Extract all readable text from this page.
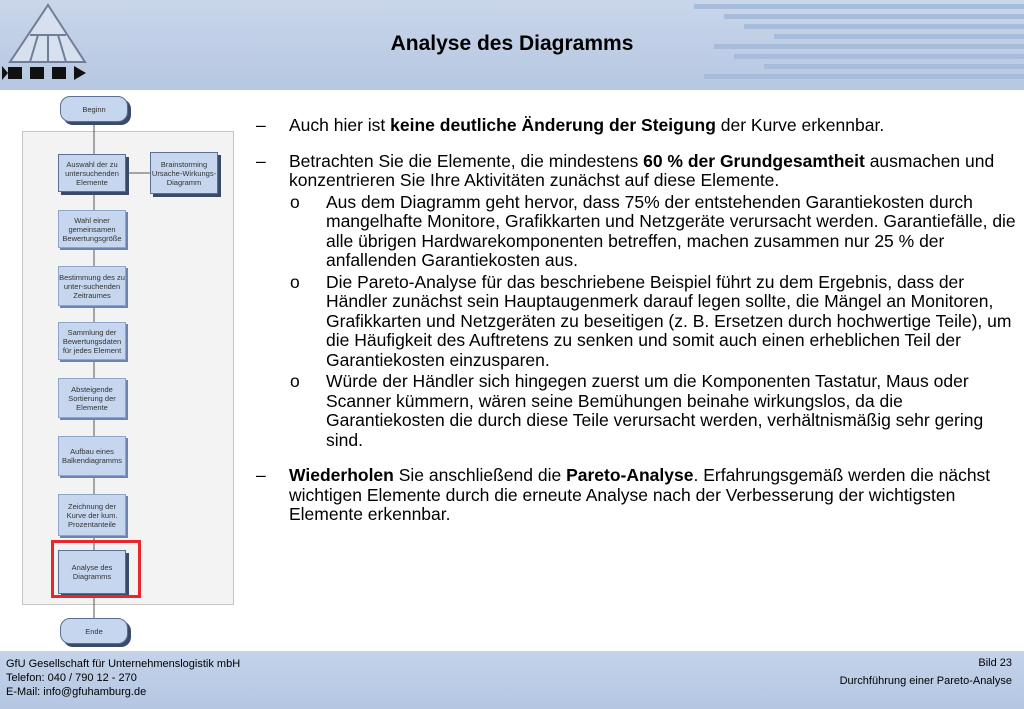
Analyse des Diagramms
Beginn
Auswahl der zu untersuchenden Elemente
Brainstorming Ursache-Wirkungs-Diagramm
Wahl einer gemeinsamen Bewertungsgröße
Bestimmung des zu unter-suchenden Zeitraumes
Sammlung der Bewertungsdaten für jedes Element
Absteigende Sortierung der Elemente
Aufbau eines Balkendiagramms
Zeichnung der Kurve der kum. Prozentanteile
Analyse des Diagramms
Ende
– Auch hier ist keine deutliche Änderung der Steigung der Kurve erkennbar.
– Betrachten Sie die Elemente, die mindestens 60 % der Grundgesamtheit ausmachen und konzentrieren Sie Ihre Aktivitäten zunächst auf diese Elemente.
o Aus dem Diagramm geht hervor, dass 75% der entstehenden Garantiekosten durch mangelhafte Monitore, Grafikkarten und Netzgeräte verursacht werden. Garantiefälle, die alle übrigen Hardwarekomponenten betreffen, machen zusammen nur 25 % der anfallenden Garantiekosten aus.
o Die Pareto-Analyse für das beschriebene Beispiel führt zu dem Ergebnis, dass der Händler zunächst sein Hauptaugenmerk darauf legen sollte, die Mängel an Monitoren, Grafikkarten und Netzgeräten zu beseitigen (z. B. Ersetzen durch hochwertige Teile), um die Häufigkeit des Auftretens zu senken und somit auch einen erheblichen Teil der Garantiekosten einzusparen.
o Würde der Händler sich hingegen zuerst um die Komponenten Tastatur, Maus oder Scanner kümmern, wären seine Bemühungen beinahe wirkungslos, da die Garantiekosten die durch diese Teile verursacht werden, verhältnismäßig sehr gering sind.
– Wiederholen Sie anschließend die Pareto-Analyse. Erfahrungsgemäß werden die nächst wichtigen Elemente durch die erneute Analyse nach der Verbesserung der wichtigsten Elemente erkennbar.
GfU Gesellschaft für Unternehmenslogistik mbH
Telefon: 040 / 790 12 - 270
E-Mail: info@gfuhamburg.de
Bild 23
Durchführung einer Pareto-Analyse
